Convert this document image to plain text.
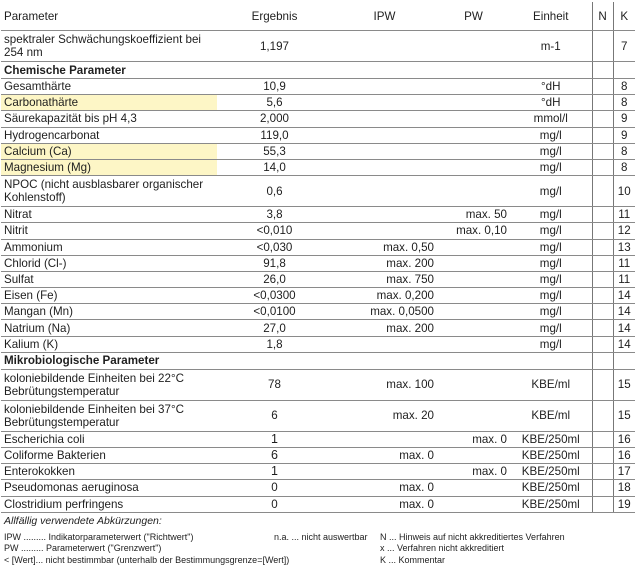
Parameter	Ergebnis	IPW	PW	Einheit	N	K
spektraler Schwächungskoeffizient bei 254 nm	1,197			m-1		7
Chemische Parameter						
Gesamthärte	10,9			°dH		8
Carbonathärte	5,6			°dH		8
Säurekapazität bis pH 4,3	2,000			mmol/l		9
Hydrogencarbonat	119,0			mg/l		9
Calcium (Ca)	55,3			mg/l		8
Magnesium (Mg)	14,0			mg/l		8
NPOC (nicht ausblasbarer organischer Kohlenstoff)	0,6			mg/l		10
Nitrat	3,8		max. 50	mg/l		11
Nitrit	<0,010		max. 0,10	mg/l		12
Ammonium	<0,030	max. 0,50		mg/l		13
Chlorid (Cl-)	91,8	max. 200		mg/l		11
Sulfat	26,0	max. 750		mg/l		11
Eisen (Fe)	<0,0300	max. 0,200		mg/l		14
Mangan (Mn)	<0,0100	max. 0,0500		mg/l		14
Natrium (Na)	27,0	max. 200		mg/l		14
Kalium (K)	1,8			mg/l		14
Mikrobiologische Parameter						
koloniebildende Einheiten bei 22°C Bebrütungstemperatur	78	max. 100		KBE/ml		15
koloniebildende Einheiten bei 37°C Bebrütungstemperatur	6	max. 20		KBE/ml		15
Escherichia coli	1		max. 0	KBE/250ml		16
Coliforme Bakterien	6	max. 0		KBE/250ml		16
Enterokokken	1		max. 0	KBE/250ml		17
Pseudomonas aeruginosa	0	max. 0		KBE/250ml		18
Clostridium perfringens	0	max. 0		KBE/250ml		19
Allfällig verwendete Abkürzungen:
IPW ......... Indikatorparameterwert ("Richtwert")	n.a. ... nicht auswertbar N ... Hinweis auf nicht akkreditiertes Verfahren
PW ......... Parameterwert ("Grenzwert")	x ... Verfahren nicht akkreditiert
< [Wert]... nicht bestimmbar (unterhalb der Bestimmungsgrenze=[Wert])	K ... Kommentar
